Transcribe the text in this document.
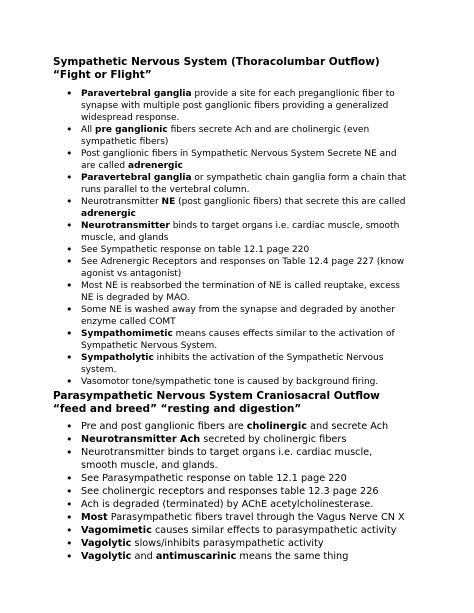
Sympathetic Nervous System (Thoracolumbar Outflow) “Fight or Flight”
• Paravertebral ganglia provide a site for each preganglionic fiber to synapse with multiple post ganglionic fibers providing a generalized widespread response.
• All pre ganglionic fibers secrete Ach and are cholinergic (even sympathetic fibers)
• Post ganglionic fibers in Sympathetic Nervous System Secrete NE and are called adrenergic
• Paravertebral ganglia or sympathetic chain ganglia form a chain that runs parallel to the vertebral column.
• Neurotransmitter NE (post ganglionic fibers) that secrete this are called adrenergic
• Neurotransmitter binds to target organs i.e. cardiac muscle, smooth muscle, and glands
• See Sympathetic response on table 12.1 page 220
• See Adrenergic Receptors and responses on Table 12.4 page 227 (know agonist vs antagonist)
• Most NE is reabsorbed the termination of NE is called reuptake, excess NE is degraded by MAO.
• Some NE is washed away from the synapse and degraded by another enzyme called COMT
• Sympathomimetic means causes effects similar to the activation of Sympathetic Nervous System.
• Sympatholytic inhibits the activation of the Sympathetic Nervous system.
• Vasomotor tone/sympathetic tone is caused by background firing.
Parasympathetic Nervous System Craniosacral Outflow “feed and breed” “resting and digestion”
• Pre and post ganglionic fibers are cholinergic and secrete Ach
• Neurotransmitter Ach secreted by cholinergic fibers
• Neurotransmitter binds to target organs i.e. cardiac muscle, smooth muscle, and glands.
• See Parasympathetic response on table 12.1 page 220
• See cholinergic receptors and responses table 12.3 page 226
• Ach is degraded (terminated) by AChE acetylcholinesterase.
• Most Parasympathetic fibers travel through the Vagus Nerve CN X
• Vagomimetic causes similar effects to parasympathetic activity
• Vagolytic slows/inhibits parasympathetic activity
• Vagolytic and antimuscarinic means the same thing
